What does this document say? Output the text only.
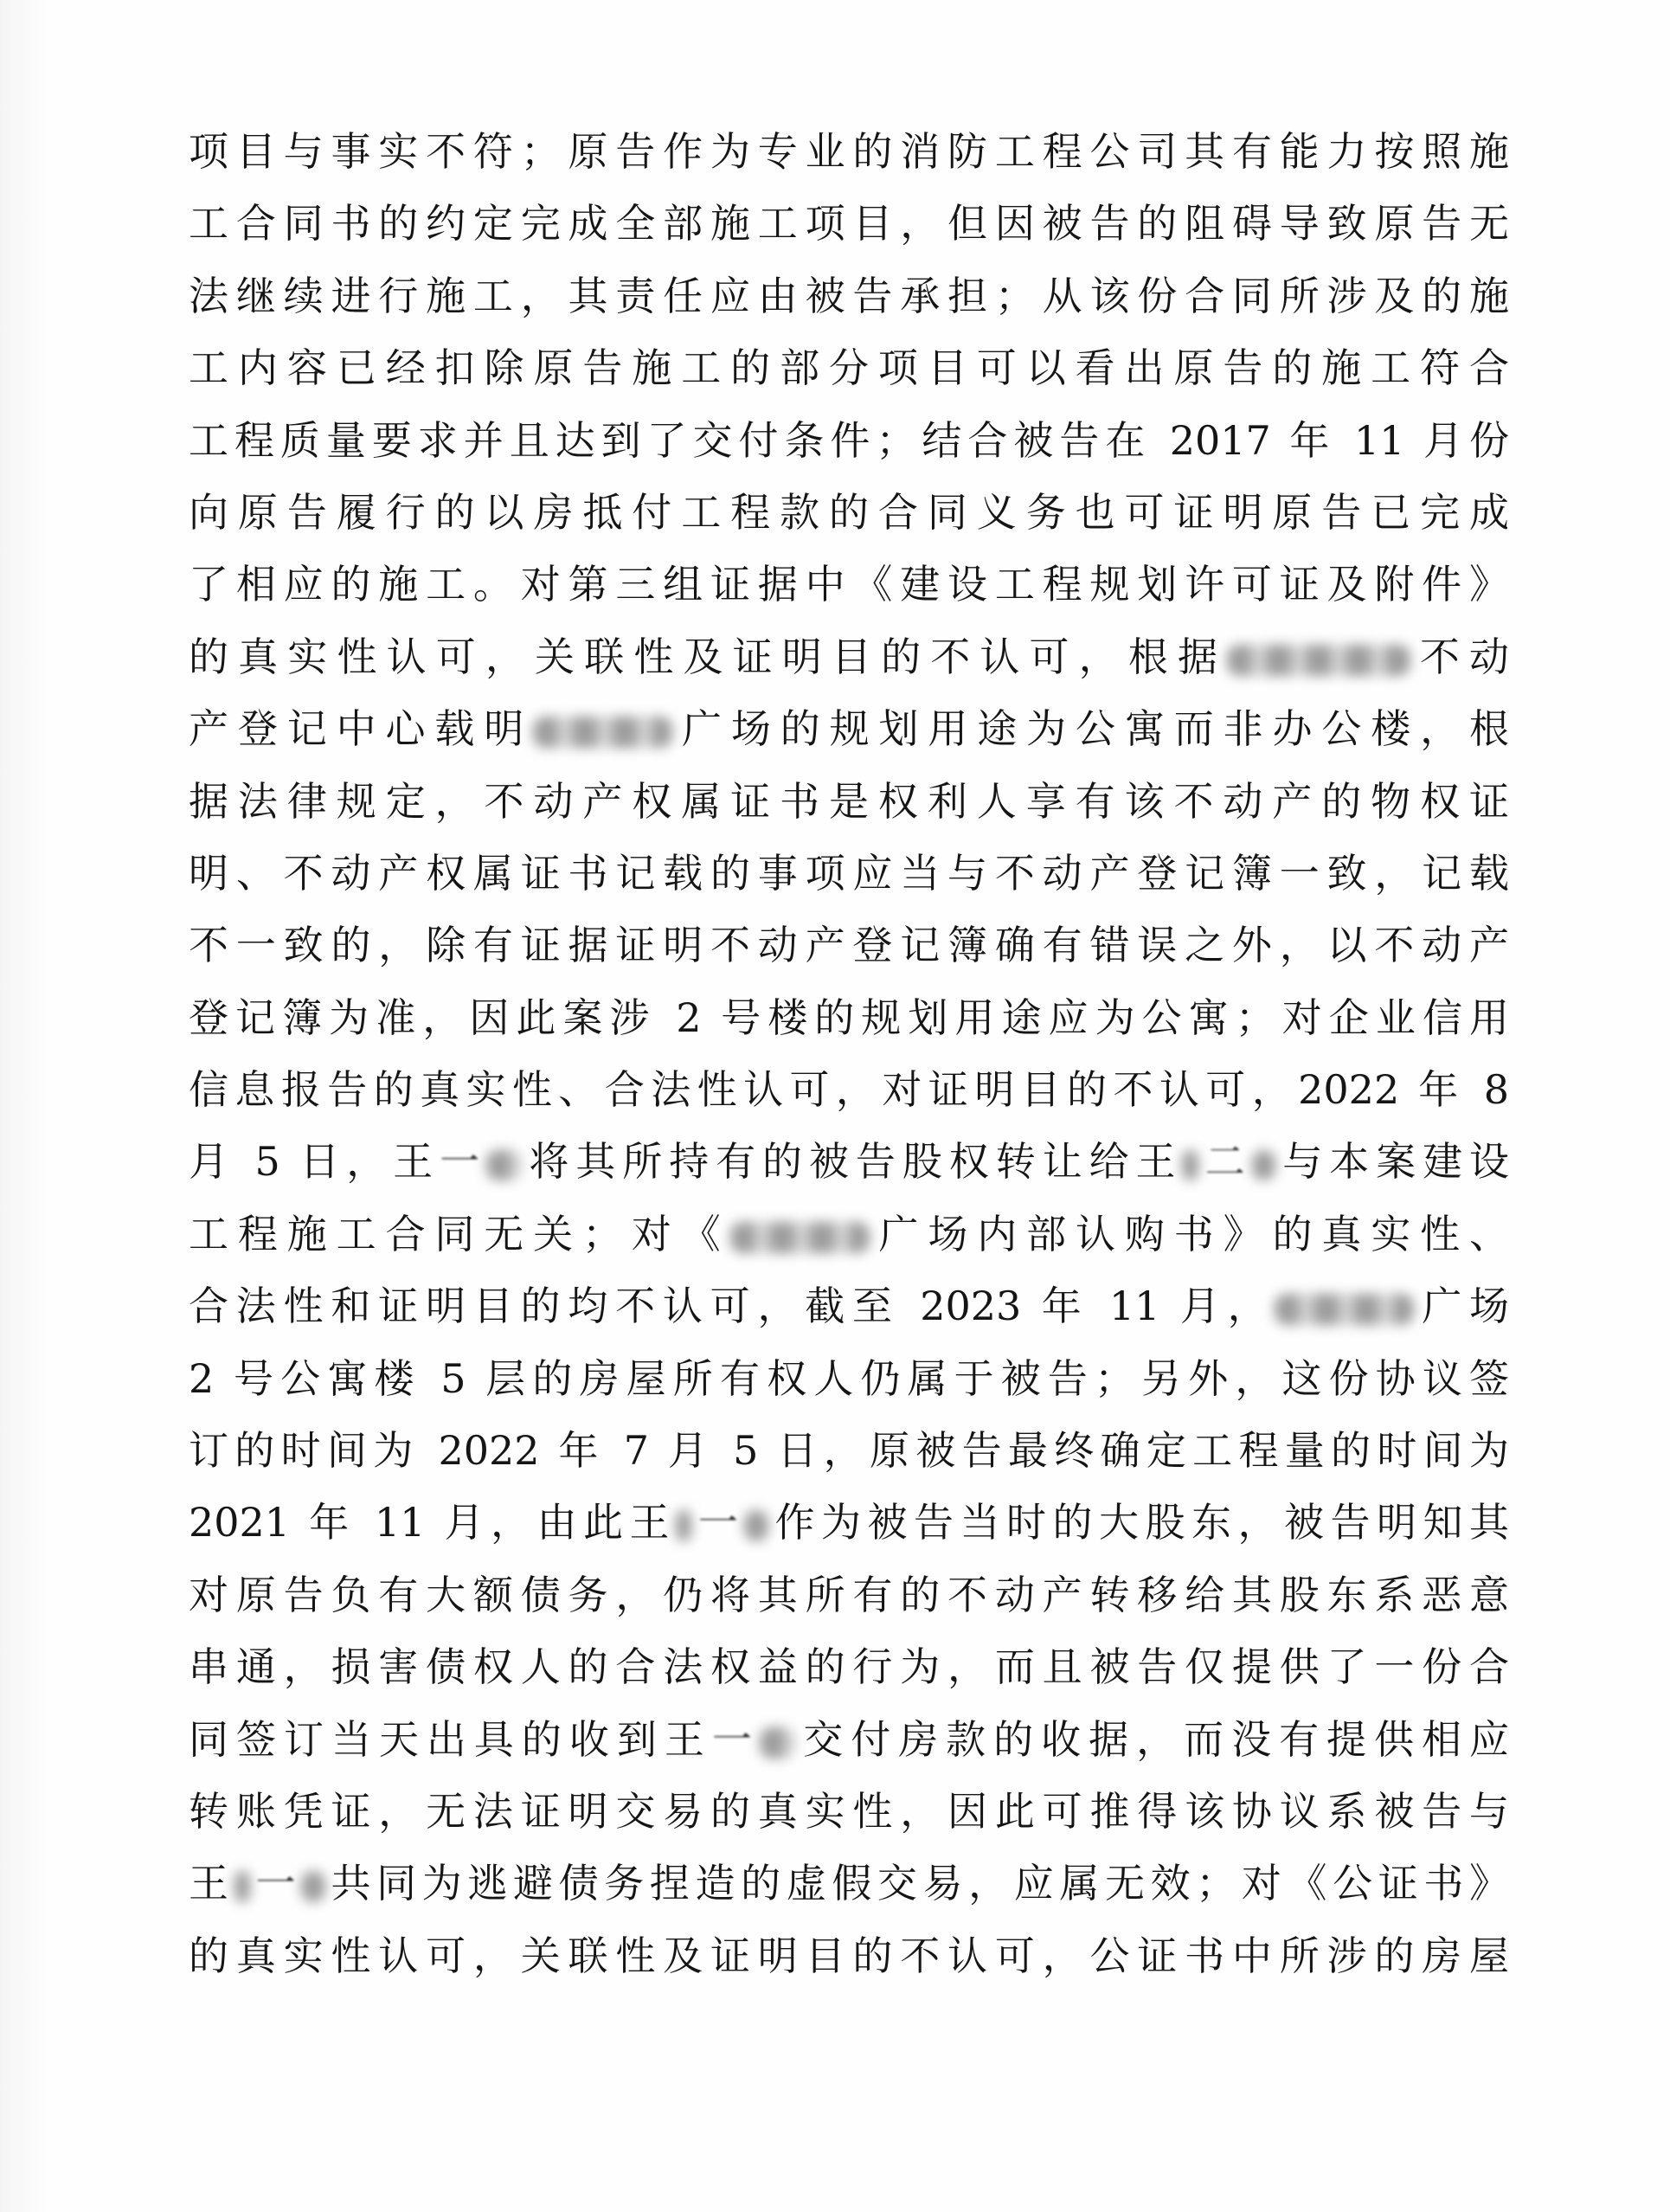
项目与事实不符；原告作为专业的消防工程公司其有能力按照施
工合同书的约定完成全部施工项目，但因被告的阻碍导致原告无
法继续进行施工，其责任应由被告承担；从该份合同所涉及的施
工内容已经扣除原告施工的部分项目可以看出原告的施工符合
工程质量要求并且达到了交付条件；结合被告在 2017 年 11 月份
向原告履行的以房抵付工程款的合同义务也可证明原告已完成
了相应的施工。对第三组证据中《建设工程规划许可证及附件》
的真实性认可，关联性及证明目的不认可，根据	不动
产登记中心载明	广场的规划用途为公寓而非办公楼，根
据法律规定，不动产权属证书是权利人享有该不动产的物权证
明、不动产权属证书记载的事项应当与不动产登记簿一致，记载
不一致的，除有证据证明不动产登记簿确有错误之外，以不动产
登记簿为准，因此案涉 2 号楼的规划用途应为公寓；对企业信用
信息报告的真实性、合法性认可，对证明目的不认可，2022 年 8
月 5 日，王一 将其所持有的被告股权转让给王 二 与本案建设
工程施工合同无关；对《	广场内部认购书》的真实性、
合法性和证明目的均不认可，截至 2023 年 11 月，	广场
2 号公寓楼 5 层的房屋所有权人仍属于被告；另外，这份协议签
订的时间为 2022 年 7 月 5 日，原被告最终确定工程量的时间为
2021 年 11 月，由此王 一 作为被告当时的大股东，被告明知其
对原告负有大额债务，仍将其所有的不动产转移给其股东系恶意
串通，损害债权人的合法权益的行为，而且被告仅提供了一份合
同签订当天出具的收到王一 交付房款的收据，而没有提供相应
转账凭证，无法证明交易的真实性，因此可推得该协议系被告与
王 一 共同为逃避债务捏造的虚假交易，应属无效；对《公证书》
的真实性认可，关联性及证明目的不认可，公证书中所涉的房屋
